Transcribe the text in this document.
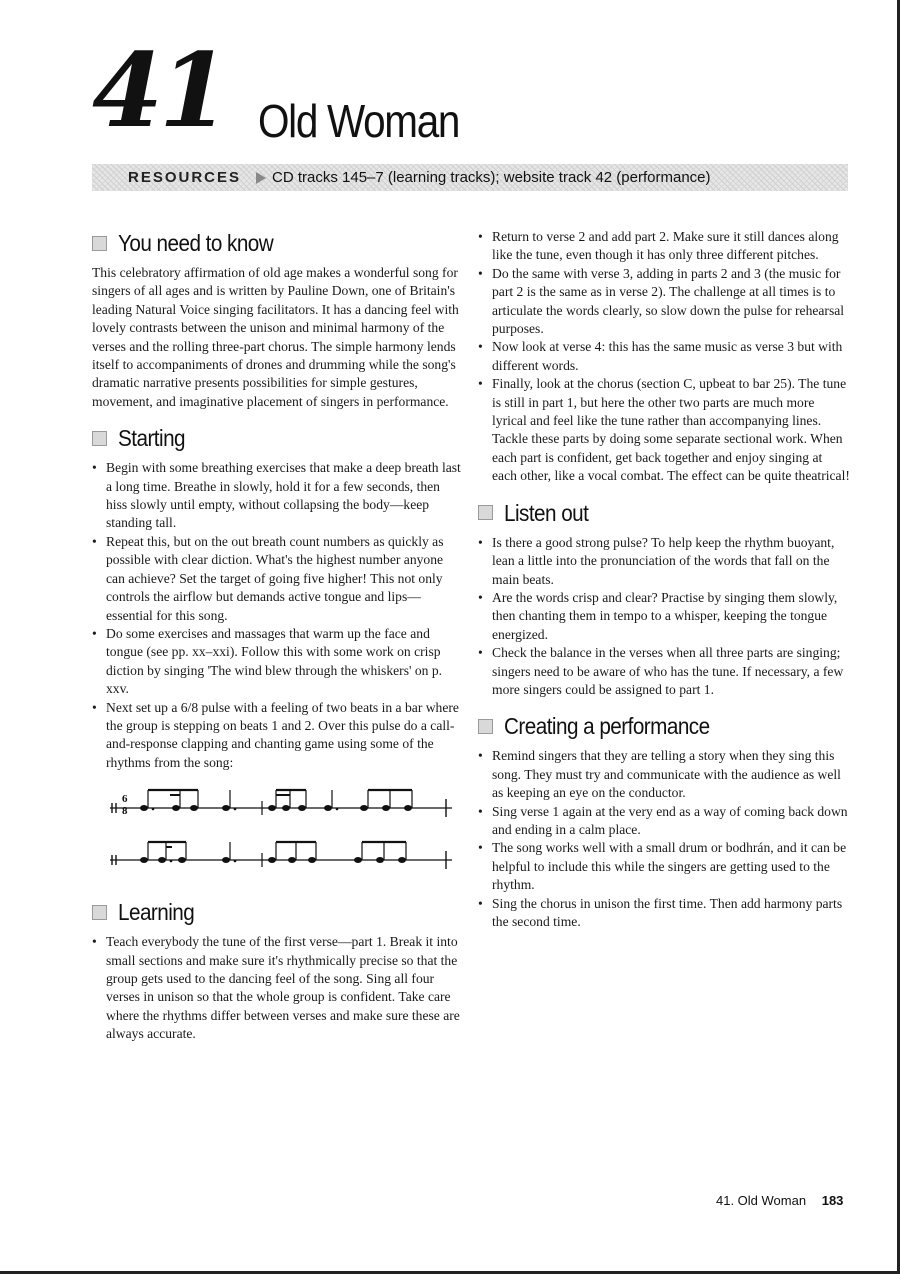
41 Old Woman
RESOURCES CD tracks 145–7 (learning tracks); website track 42 (performance)
You need to know

This celebratory affirmation of old age makes a wonderful song for singers of all ages and is written by Pauline Down, one of Britain's leading Natural Voice singing facilitators. It has a dancing feel with lovely contrasts between the unison and minimal harmony of the verses and the rolling three-part chorus. The simple harmony lends itself to accompaniments of drones and drumming while the song's dramatic narrative presents possibilities for simple gestures, movement, and imaginative placement of singers in performance.

Starting
• Begin with some breathing exercises that make a deep breath last a long time. Breathe in slowly, hold it for a few seconds, then hiss slowly until empty, without collapsing the body—keep standing tall.
• Repeat this, but on the out breath count numbers as quickly as possible with clear diction. What's the highest number anyone can achieve? Set the target of going five higher! This not only controls the airflow but demands active tongue and lips—essential for this song.
• Do some exercises and massages that warm up the face and tongue (see pp. xx–xxi). Follow this with some work on crisp diction by singing 'The wind blew through the whiskers' on p. xxv.
• Next set up a 6/8 pulse with a feeling of two beats in a bar where the group is stepping on beats 1 and 2. Over this pulse do a call-and-response clapping and chanting game using some of the rhythms from the song:
6
8
Learning
• Teach everybody the tune of the first verse—part 1. Break it into small sections and make sure it's rhythmically precise so that the group gets used to the dancing feel of the song. Sing all four verses in unison so that the whole group is confident. Take care where the rhythms differ between verses and make sure these are always accurate.
• Return to verse 2 and add part 2. Make sure it still dances along like the tune, even though it has only three different pitches.
• Do the same with verse 3, adding in parts 2 and 3 (the music for part 2 is the same as in verse 2). The challenge at all times is to articulate the words clearly, so slow down the pulse for rehearsal purposes.
• Now look at verse 4: this has the same music as verse 3 but with different words.
• Finally, look at the chorus (section C, upbeat to bar 25). The tune is still in part 1, but here the other two parts are much more lyrical and feel like the tune rather than accompanying lines. Tackle these parts by doing some separate sectional work. When each part is confident, get back together and enjoy singing at each other, like a vocal combat. The effect can be quite theatrical!
Listen out
• Is there a good strong pulse? To help keep the rhythm buoyant, lean a little into the pronunciation of the words that fall on the main beats.
• Are the words crisp and clear? Practise by singing them slowly, then chanting them in tempo to a whisper, keeping the tongue energized.
• Check the balance in the verses when all three parts are singing; singers need to be aware of who has the tune. If necessary, a few more singers could be assigned to part 1.
Creating a performance
• Remind singers that they are telling a story when they sing this song. They must try and communicate with the audience as well as keeping an eye on the conductor.
• Sing verse 1 again at the very end as a way of coming back down and ending in a calm place.
• The song works well with a small drum or bodhrán, and it can be helpful to include this while the singers are getting used to the rhythm.
• Sing the chorus in unison the first time. Then add harmony parts the second time.
41. Old Woman 183
